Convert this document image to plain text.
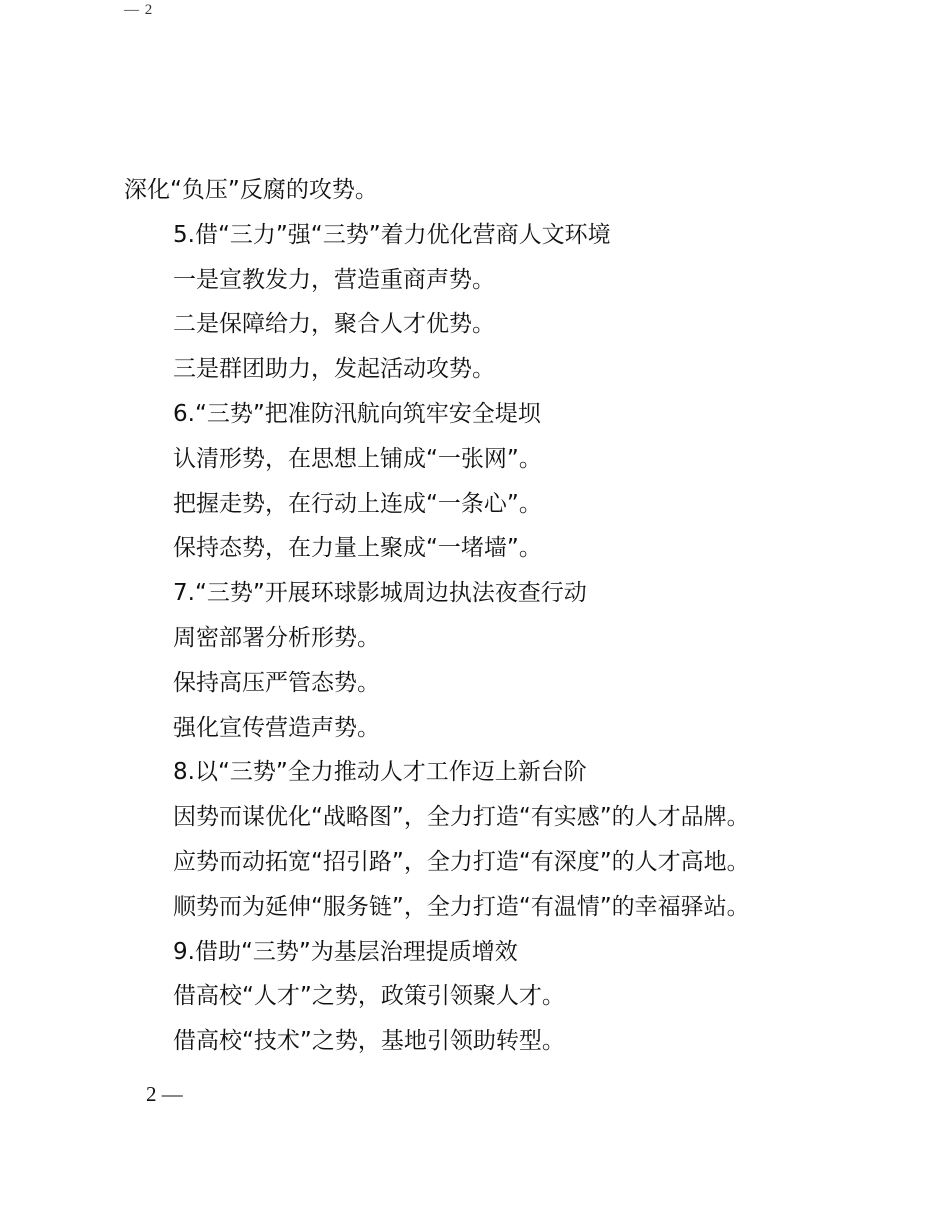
— 2
深化“负压”反腐的攻势。
5.借“三力”强“三势”着力优化营商人文环境
一是宣教发力，营造重商声势。
二是保障给力，聚合人才优势。
三是群团助力，发起活动攻势。
6.“三势”把准防汛航向筑牢安全堤坝
认清形势，在思想上铺成“一张网”。
把握走势，在行动上连成“一条心”。
保持态势，在力量上聚成“一堵墙”。
7.“三势”开展环球影城周边执法夜查行动
周密部署分析形势。
保持高压严管态势。
强化宣传营造声势。
8.以“三势”全力推动人才工作迈上新台阶
因势而谋优化“战略图”，全力打造“有实感”的人才品牌。
应势而动拓宽“招引路”，全力打造“有深度”的人才高地。
顺势而为延伸“服务链”，全力打造“有温情”的幸福驿站。
9.借助“三势”为基层治理提质增效
借高校“人才”之势，政策引领聚人才。
借高校“技术”之势，基地引领助转型。
2 —
